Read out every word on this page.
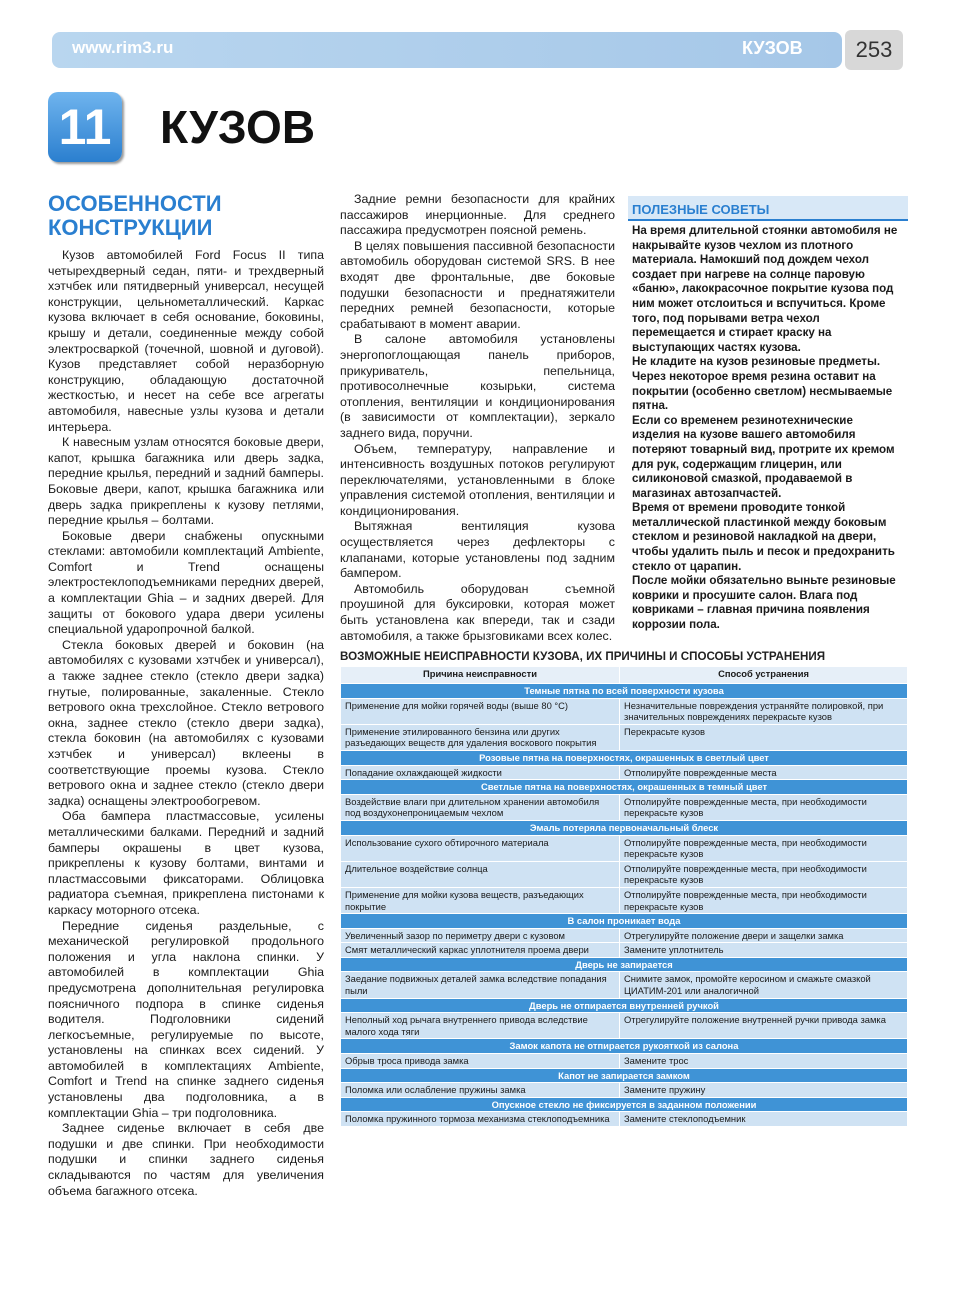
www.rim3.ru	КУЗОВ	253
11 КУЗОВ
ОСОБЕННОСТИ
КОНСТРУКЦИИ

Кузов автомобилей Ford Focus II типа четырехдверный седан, пяти- и трехдверный хэтчбек или пятидверный универсал, несущей конструкции, цельнометаллический. Каркас кузова включает в себя основание, боковины, крышу и детали, соединенные между собой электросваркой (точечной, шовной и дуговой). Кузов представляет собой неразборную конструкцию, обладающую достаточной жесткостью, и несет на себе все агрегаты автомобиля, навесные узлы кузова и детали интерьера.

К навесным узлам относятся боковые двери, капот, крышка багажника или дверь задка, передние крылья, передний и задний бамперы. Боковые двери, капот, крышка багажника или дверь задка прикреплены к кузову петлями, передние крылья – болтами.

Боковые двери снабжены опускными стеклами: автомобили комплектаций Ambiente, Comfort и Trend оснащены электростеклоподъемниками передних дверей, а комплектации Ghia – и задних дверей. Для защиты от бокового удара двери усилены специальной ударопрочной балкой.

Стекла боковых дверей и боковин (на автомобилях с кузовами хэтчбек и универсал), а также заднее стекло (стекло двери задка) гнутые, полированные, закаленные. Стекло ветрового окна трехслойное. Стекло ветрового окна, заднее стекло (стекло двери задка), стекла боковин (на автомобилях с кузовами хэтчбек и универсал) вклеены в соответствующие проемы кузова. Стекло ветрового окна и заднее стекло (стекло двери задка) оснащены электрообогревом.

Оба бампера пластмассовые, усилены металлическими балками. Передний и задний бамперы окрашены в цвет кузова, прикреплены к кузову болтами, винтами и пластмассовыми фиксаторами. Облицовка радиатора съемная, прикреплена пистонами к каркасу моторного отсека.

Передние сиденья раздельные, с механической регулировкой продольного положения и угла наклона спинки. У автомобилей в комплектации Ghia предусмотрена дополнительная регулировка поясничного подпора в спинке сиденья водителя. Подголовники сидений легкосъемные, регулируемые по высоте, установлены на спинках всех сидений. У автомобилей в комплектациях Ambiente, Comfort и Trend на спинке заднего сиденья установлены два подголовника, а в комплектации Ghia – три подголовника.

Заднее сиденье включает в себя две подушки и две спинки. При необходимости подушки и спинки заднего сиденья складываются по частям для увеличения объема багажного отсека.

Задние ремни безопасности для крайних пассажиров инерционные. Для среднего пассажира предусмотрен поясной ремень.

В целях повышения пассивной безопасности автомобиль оборудован системой SRS. В нее входят две фронтальные, две боковые подушки безопасности и преднатяжители передних ремней безопасности, которые срабатывают в момент аварии.

В салоне автомобиля установлены энергопоглощающая панель приборов, прикуриватель, пепельница, противосолнечные козырьки, система отопления, вентиляции и кондиционирования (в зависимости от комплектации), зеркало заднего вида, поручни.

Объем, температуру, направление и интенсивность воздушных потоков регулируют переключателями, установленными в блоке управления системой отопления, вентиляции и кондиционирования.

Вытяжная вентиляция кузова осуществляется через дефлекторы с клапанами, которые установлены под задним бампером.

Автомобиль оборудован съемной проушиной для буксировки, которая может быть установлена как впереди, так и сзади автомобиля, а также брызговиками всех колес.

ПОЛЕЗНЫЕ СОВЕТЫ

На время длительной стоянки автомобиля не накрывайте кузов чехлом из плотного материала. Намокший под дождем чехол создает при нагреве на солнце паровую «баню», лакокрасочное покрытие кузова под ним может отслоиться и вспучиться. Кроме того, под порывами ветра чехол перемещается и стирает краску на выступающих частях кузова.

Не кладите на кузов резиновые предметы. Через некоторое время резина оставит на покрытии (особенно светлом) несмываемые пятна.

Если со временем резинотехнические изделия на кузове вашего автомобиля потеряют товарный вид, протрите их кремом для рук, содержащим глицерин, или силиконовой смазкой, продаваемой в магазинах автозапчастей.

Время от времени проводите тонкой металлической пластинкой между боковым стеклом и резиновой накладкой на двери, чтобы удалить пыль и песок и предохранить стекло от царапин.

После мойки обязательно выньте резиновые коврики и просушите салон. Влага под ковриками – главная причина появления коррозии пола.

ВОЗМОЖНЫЕ НЕИСПРАВНОСТИ КУЗОВА, ИХ ПРИЧИНЫ И СПОСОБЫ УСТРАНЕНИЯ
Причина неисправности	Способ устранения
Темные пятна по всей поверхности кузова	
Применение для мойки горячей воды (выше 80 °С)	Незначительные повреждения устраняйте полировкой, при значительных повреждениях перекрасьте кузов
Применение этилированного бензина или других разъедающих веществ для удаления воскового покрытия	Перекрасьте кузов
Розовые пятна на поверхностях, окрашенных в светлый цвет	
Попадание охлаждающей жидкости	Отполируйте поврежденные места
Светлые пятна на поверхностях, окрашенных в темный цвет	
Воздействие влаги при длительном хранении автомобиля под воздухонепроницаемым чехлом	Отполируйте поврежденные места, при необходимости перекрасьте кузов
Эмаль потеряла первоначальный блеск	
Использование сухого обтирочного материала	Отполируйте поврежденные места, при необходимости перекрасьте кузов
Длительное воздействие солнца	Отполируйте поврежденные места, при необходимости перекрасьте кузов
Применение для мойки кузова веществ, разъедающих покрытие	Отполируйте поврежденные места, при необходимости перекрасьте кузов
В салон проникает вода	
Увеличенный зазор по периметру двери с кузовом	Отрегулируйте положение двери и защелки замка
Смят металлический каркас уплотнителя проема двери	Замените уплотнитель
Дверь не запирается	
Заедание подвижных деталей замка вследствие попадания пыли	Снимите замок, промойте керосином и смажьте смазкой ЦИАТИМ-201 или аналогичной
Дверь не отпирается внутренней ручкой	
Неполный ход рычага внутреннего привода вследствие малого хода тяги	Отрегулируйте положение внутренней ручки привода замка
Замок капота не отпирается рукояткой из салона	
Обрыв троса привода замка	Замените трос
Капот не запирается замком	
Поломка или ослабление пружины замка	Замените пружину
Опускное стекло не фиксируется в заданном положении	
Поломка пружинного тормоза механизма стеклоподъемника	Замените стеклоподъемник
